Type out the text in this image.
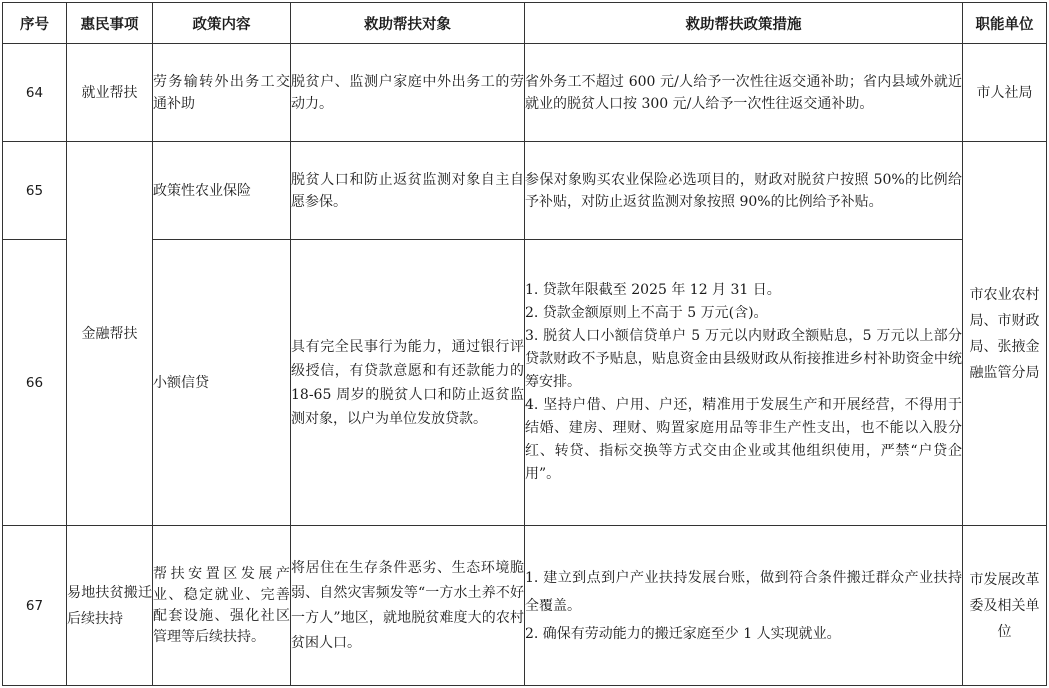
序号	惠民事项	政策内容	救助帮扶对象	救助帮扶政策措施	职能单位
64	就业帮扶	劳务输转外出务工交通补助	脱贫户、监测户家庭中外出务工的劳动力。	省外务工不超过 600 元/人给予一次性往返交通补助；省内县域外就近就业的脱贫人口按 300 元/人给予一次性往返交通补助。	市人社局
65	金融帮扶	政策性农业保险	脱贫人口和防止返贫监测对象自主自愿参保。	参保对象购买农业保险必选项目的，财政对脱贫户按照 50%的比例给予补贴，对防止返贫监测对象按照 90%的比例给予补贴。	市农业农村局、市财政局、张掖金融监管分局
66		小额信贷	具有完全民事行为能力，通过银行评级授信，有贷款意愿和有还款能力的 18-65 周岁的脱贫人口和防止返贫监测对象，以户为单位发放贷款。	1. 贷款年限截至 2025 年 12 月 31 日。
2. 贷款金额原则上不高于 5 万元(含)。
3. 脱贫人口小额信贷单户 5 万元以内财政全额贴息，5 万元以上部分贷款财政不予贴息，贴息资金由县级财政从衔接推进乡村补助资金中统筹安排。
4. 坚持户借、户用、户还，精准用于发展生产和开展经营，不得用于结婚、建房、理财、购置家庭用品等非生产性支出，也不能以入股分红、转贷、指标交换等方式交由企业或其他组织使用，严禁“户贷企用”。	

67	易地扶贫搬迁后续扶持	帮扶安置区发展产业、稳定就业、完善配套设施、强化社区管理等后续扶持。	将居住在生存条件恶劣、生态环境脆弱、自然灾害频发等“一方水土养不好一方人”地区，就地脱贫难度大的农村贫困人口。	1. 建立到点到户产业扶持发展台账，做到符合条件搬迁群众产业扶持全覆盖。
2. 确保有劳动能力的搬迁家庭至少 1 人实现就业。	市发展改革委及相关单位
